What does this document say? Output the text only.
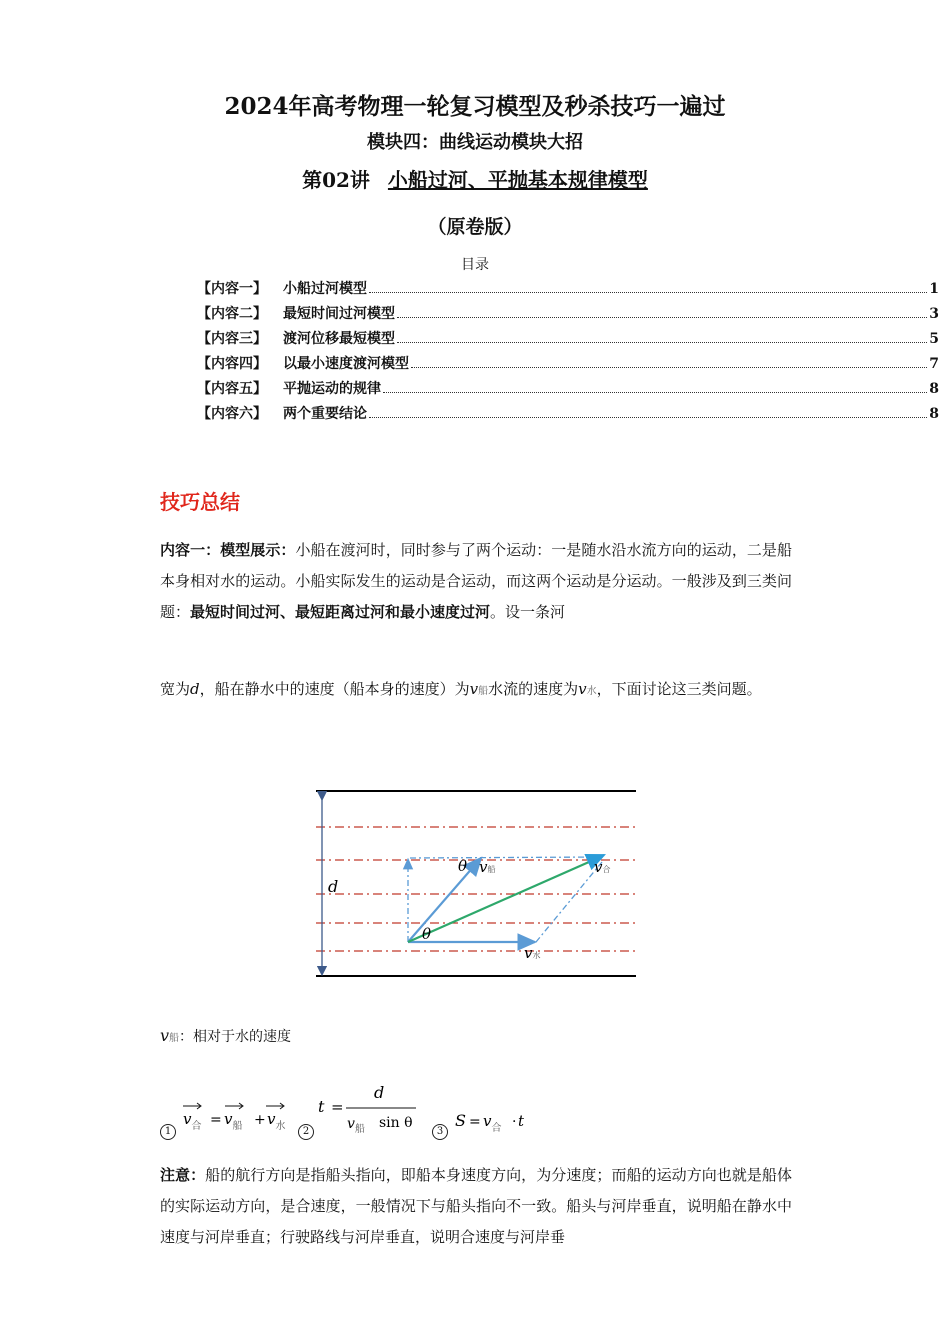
2024年高考物理一轮复习模型及秒杀技巧一遍过
模块四：曲线运动模块大招
第02讲 小船过河、平抛基本规律模型
（原卷版）
目录
【内容一】	小船过河模型	1
【内容二】	最短时间过河模型	3
【内容三】	渡河位移最短模型	5
【内容四】	以最小速度渡河模型	7
【内容五】	平抛运动的规律	8
【内容六】	两个重要结论	8
技巧总结
内容一：模型展示：小船在渡河时，同时参与了两个运动：一是随水沿水流方向的运动，二是船本身相对水的运动。小船实际发生的运动是合运动，而这两个运动是分运动。一般涉及到三类问题：最短时间过河、最短距离过河和最小速度过河。设一条河
宽为d，船在静水中的速度（船本身的速度）为v船水流的速度为v水，下面讨论这三类问题。
d
θ
θ
v船	v合
v水
v船：相对于水的速度
1
$v_合 = v_船 + v_水$	2
t =
d
$v_船$ sin θ
3
$S = v_合 \cdot t$
注意：船的航行方向是指船头指向，即船本身速度方向，为分速度；而船的运动方向也就是船体的实际运动方向，是合速度，一般情况下与船头指向不一致。船头与河岸垂直，说明船在静水中速度与河岸垂直；行驶路线与河岸垂直，说明合速度与河岸垂
